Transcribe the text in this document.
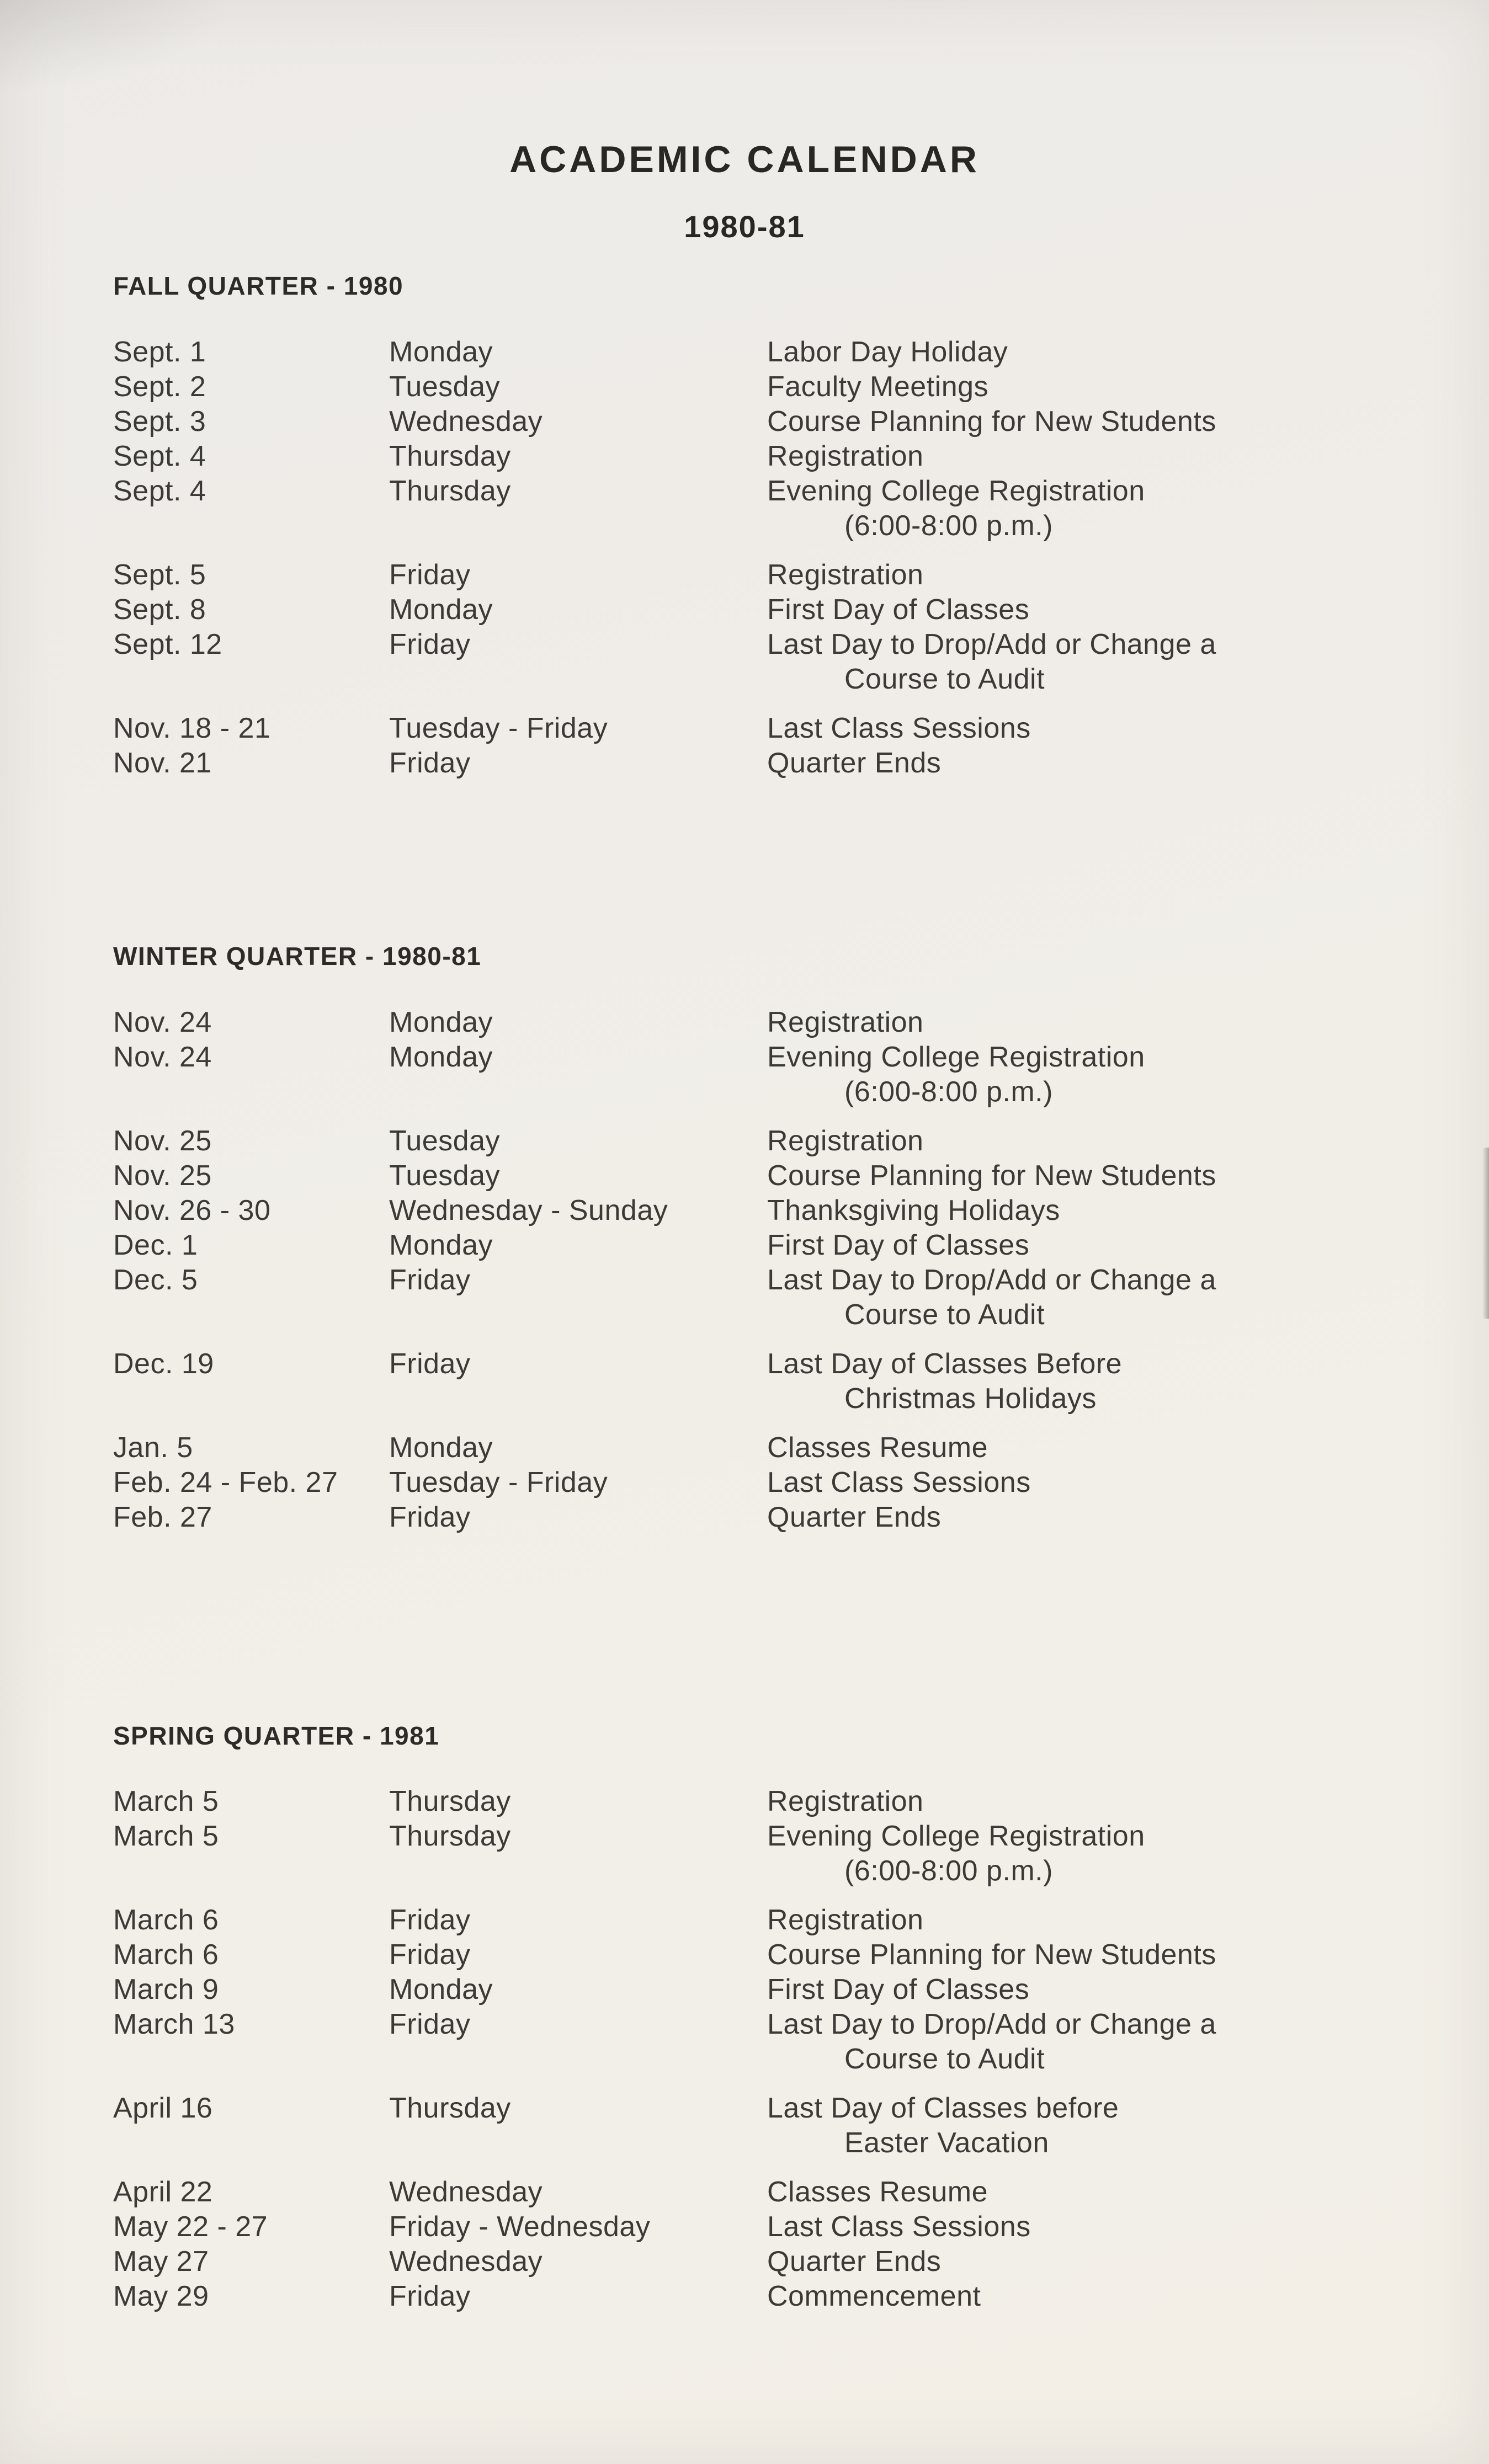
ACADEMIC CALENDAR
1980-81
FALL QUARTER - 1980
Sept. 1	Monday	Labor Day Holiday
Sept. 2	Tuesday	Faculty Meetings
Sept. 3	Wednesday	Course Planning for New Students
Sept. 4	Thursday	Registration
Sept. 4	Thursday	Evening College Registration
(6:00-8:00 p.m.)
Sept. 5	Friday	Registration
Sept. 8	Monday	First Day of Classes
Sept. 12	Friday	Last Day to Drop/Add or Change a
Course to Audit
Nov. 18 - 21	Tuesday - Friday	Last Class Sessions
Nov. 21	Friday	Quarter Ends
WINTER QUARTER - 1980-81
Nov. 24	Monday	Registration
Nov. 24	Monday	Evening College Registration
(6:00-8:00 p.m.)
Nov. 25	Tuesday	Registration
Nov. 25	Tuesday	Course Planning for New Students
Nov. 26 - 30	Wednesday - Sunday	Thanksgiving Holidays
Dec. 1	Monday	First Day of Classes
Dec. 5	Friday	Last Day to Drop/Add or Change a
Course to Audit
Dec. 19	Friday	Last Day of Classes Before
Christmas Holidays
Jan. 5	Monday	Classes Resume
Feb. 24 - Feb. 27	Tuesday - Friday	Last Class Sessions
Feb. 27	Friday	Quarter Ends
SPRING QUARTER - 1981
March 5	Thursday	Registration
March 5	Thursday	Evening College Registration
(6:00-8:00 p.m.)
March 6	Friday	Registration
March 6	Friday	Course Planning for New Students
March 9	Monday	First Day of Classes
March 13	Friday	Last Day to Drop/Add or Change a
Course to Audit
April 16	Thursday	Last Day of Classes before
Easter Vacation
April 22	Wednesday	Classes Resume
May 22 - 27	Friday - Wednesday	Last Class Sessions
May 27	Wednesday	Quarter Ends
May 29	Friday	Commencement
